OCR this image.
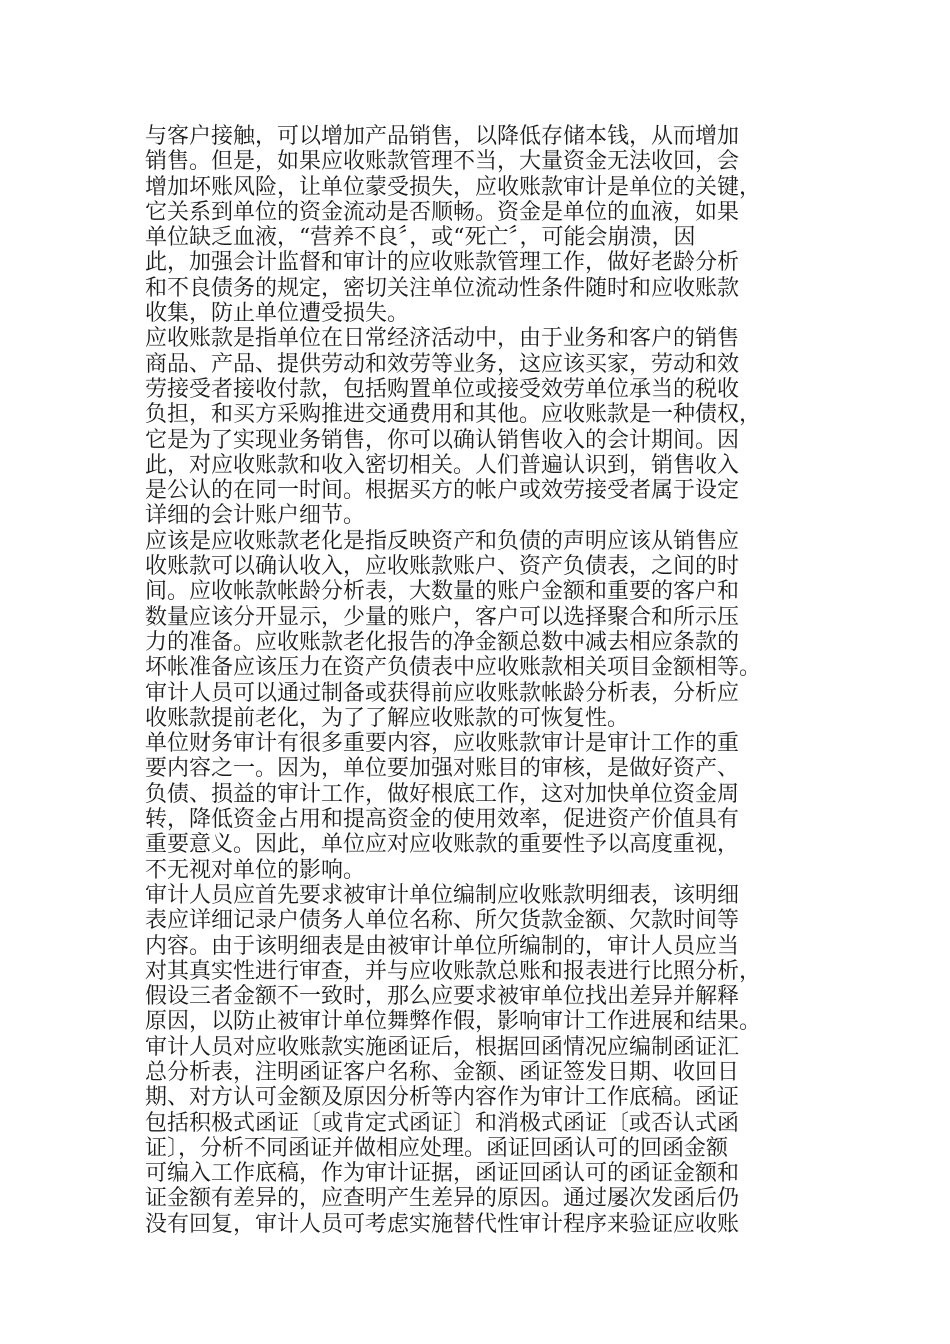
与客户接触，可以增加产品销售，以降低存储本钱，从而增加
销售。但是，如果应收账款管理不当，大量资金无法收回，会
增加坏账风险，让单位蒙受损失，应收账款审计是单位的关键，
它关系到单位的资金流动是否顺畅。资金是单位的血液，如果
单位缺乏血液，“营养不良〞，或“死亡〞，可能会崩溃，因
此，加强会计监督和审计的应收账款管理工作，做好老龄分析
和不良债务的规定，密切关注单位流动性条件随时和应收账款
收集，防止单位遭受损失。
应收账款是指单位在日常经济活动中，由于业务和客户的销售
商品、产品、提供劳动和效劳等业务，这应该买家，劳动和效
劳接受者接收付款，包括购置单位或接受效劳单位承当的税收
负担，和买方采购推进交通费用和其他。应收账款是一种债权，
它是为了实现业务销售，你可以确认销售收入的会计期间。因
此，对应收账款和收入密切相关。人们普遍认识到，销售收入
是公认的在同一时间。根据买方的帐户或效劳接受者属于设定
详细的会计账户细节。
应该是应收账款老化是指反映资产和负债的声明应该从销售应
收账款可以确认收入，应收账款账户、资产负债表，之间的时
间。应收帐款帐龄分析表，大数量的账户金额和重要的客户和
数量应该分开显示，少量的账户，客户可以选择聚合和所示压
力的准备。应收账款老化报告的净金额总数中减去相应条款的
坏帐准备应该压力在资产负债表中应收账款相关项目金额相等。
审计人员可以通过制备或获得前应收账款帐龄分析表，分析应
收账款提前老化，为了了解应收账款的可恢复性。
单位财务审计有很多重要内容，应收账款审计是审计工作的重
要内容之一。因为，单位要加强对账目的审核，是做好资产、
负债、损益的审计工作，做好根底工作，这对加快单位资金周
转，降低资金占用和提高资金的使用效率，促进资产价值具有
重要意义。因此，单位应对应收账款的重要性予以高度重视，
不无视对单位的影响。
审计人员应首先要求被审计单位编制应收账款明细表，该明细
表应详细记录户债务人单位名称、所欠货款金额、欠款时间等
内容。由于该明细表是由被审计单位所编制的，审计人员应当
对其真实性进行审查，并与应收账款总账和报表进行比照分析，
假设三者金额不一致时，那么应要求被审单位找出差异并解释
原因，以防止被审计单位舞弊作假，影响审计工作进展和结果。
审计人员对应收账款实施函证后，根据回函情况应编制函证汇
总分析表，注明函证客户名称、金额、函证签发日期、收回日
期、对方认可金额及原因分析等内容作为审计工作底稿。函证
包括积极式函证〔或肯定式函证〕和消极式函证〔或否认式函
证〕，分析不同函证并做相应处理。函证回函认可的回函金额
可编入工作底稿，作为审计证据，函证回函认可的函证金额和
证金额有差异的，应查明产生差异的原因。通过屡次发函后仍
没有回复，审计人员可考虑实施替代性审计程序来验证应收账
